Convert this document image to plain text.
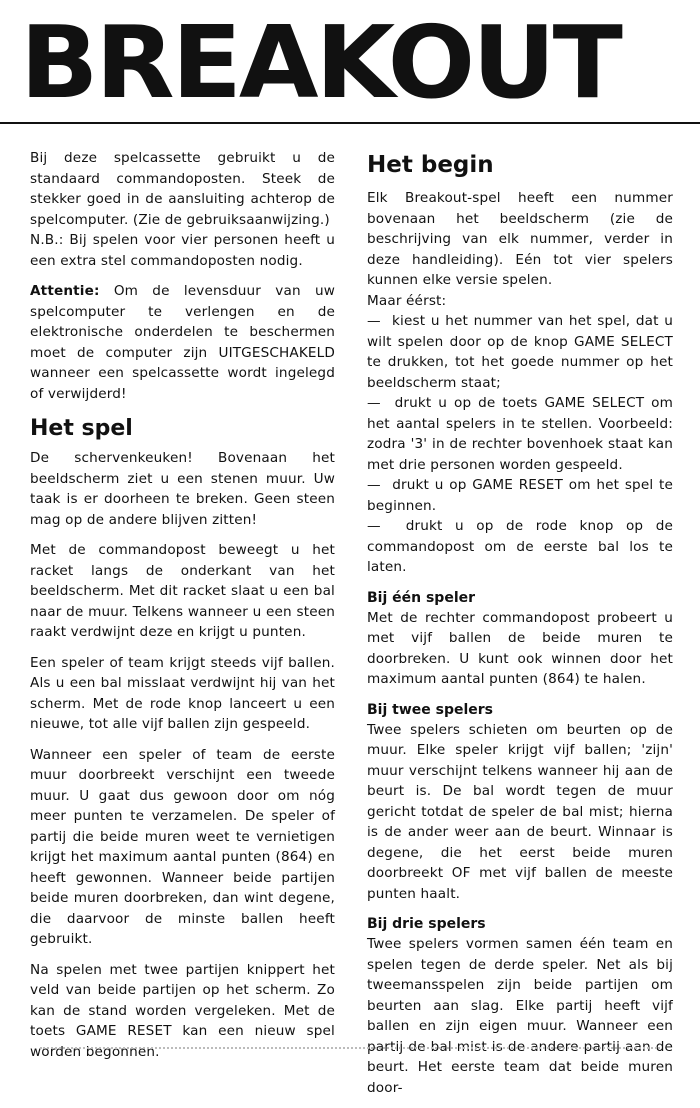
BREAKOUT

Bij deze spelcassette gebruikt u de standaard commandoposten. Steek de stekker goed in de aansluiting achterop de spelcomputer. (Zie de gebruiksaanwijzing.)

N.B.: Bij spelen voor vier personen heeft u een extra stel commandoposten nodig.

Attentie: Om de levensduur van uw spelcomputer te verlengen en de elektronische onderdelen te beschermen moet de computer zijn UITGESCHAKELD wanneer een spelcassette wordt ingelegd of verwijderd!

Het spel

De schervenkeuken! Bovenaan het beeldscherm ziet u een stenen muur. Uw taak is er doorheen te breken. Geen steen mag op de andere blijven zitten!

Met de commandopost beweegt u het racket langs de onderkant van het beeldscherm. Met dit racket slaat u een bal naar de muur. Telkens wanneer u een steen raakt verdwijnt deze en krijgt u punten.

Een speler of team krijgt steeds vijf ballen. Als u een bal misslaat verdwijnt hij van het scherm. Met de rode knop lanceert u een nieuwe, tot alle vijf ballen zijn gespeeld.

Wanneer een speler of team de eerste muur doorbreekt verschijnt een tweede muur. U gaat dus gewoon door om nóg meer punten te verzamelen. De speler of partij die beide muren weet te vernietigen krijgt het maximum aantal punten (864) en heeft gewonnen. Wanneer beide partijen beide muren doorbreken, dan wint degene, die daarvoor de minste ballen heeft gebruikt.

Na spelen met twee partijen knippert het veld van beide partijen op het scherm. Zo kan de stand worden vergeleken. Met de toets GAME RESET kan een nieuw spel worden begonnen.

Het begin

Elk Breakout-spel heeft een nummer bovenaan het beeldscherm (zie de beschrijving van elk nummer, verder in deze handleiding). Eén tot vier spelers kunnen elke versie spelen.

Maar éérst:

— kiest u het nummer van het spel, dat u wilt spelen door op de knop GAME SELECT te drukken, tot het goede nummer op het beeldscherm staat;

— drukt u op de toets GAME SELECT om het aantal spelers in te stellen. Voorbeeld: zodra '3' in de rechter bovenhoek staat kan met drie personen worden gespeeld.

— drukt u op GAME RESET om het spel te beginnen.

— drukt u op de rode knop op de commandopost om de eerste bal los te laten.

Bij één speler

Met de rechter commandopost probeert u met vijf ballen de beide muren te doorbreken. U kunt ook winnen door het maximum aantal punten (864) te halen.

Bij twee spelers

Twee spelers schieten om beurten op de muur. Elke speler krijgt vijf ballen; 'zijn' muur verschijnt telkens wanneer hij aan de beurt is. De bal wordt tegen de muur gericht totdat de speler de bal mist; hierna is de ander weer aan de beurt. Winnaar is degene, die het eerst beide muren doorbreekt OF met vijf ballen de meeste punten haalt.

Bij drie spelers

Twee spelers vormen samen één team en spelen tegen de derde speler. Net als bij tweemansspelen zijn beide partijen om beurten aan slag. Elke partij heeft vijf ballen en zijn eigen muur. Wanneer een partij de bal mist is de andere partij aan de beurt. Het eerste team dat beide muren door-
